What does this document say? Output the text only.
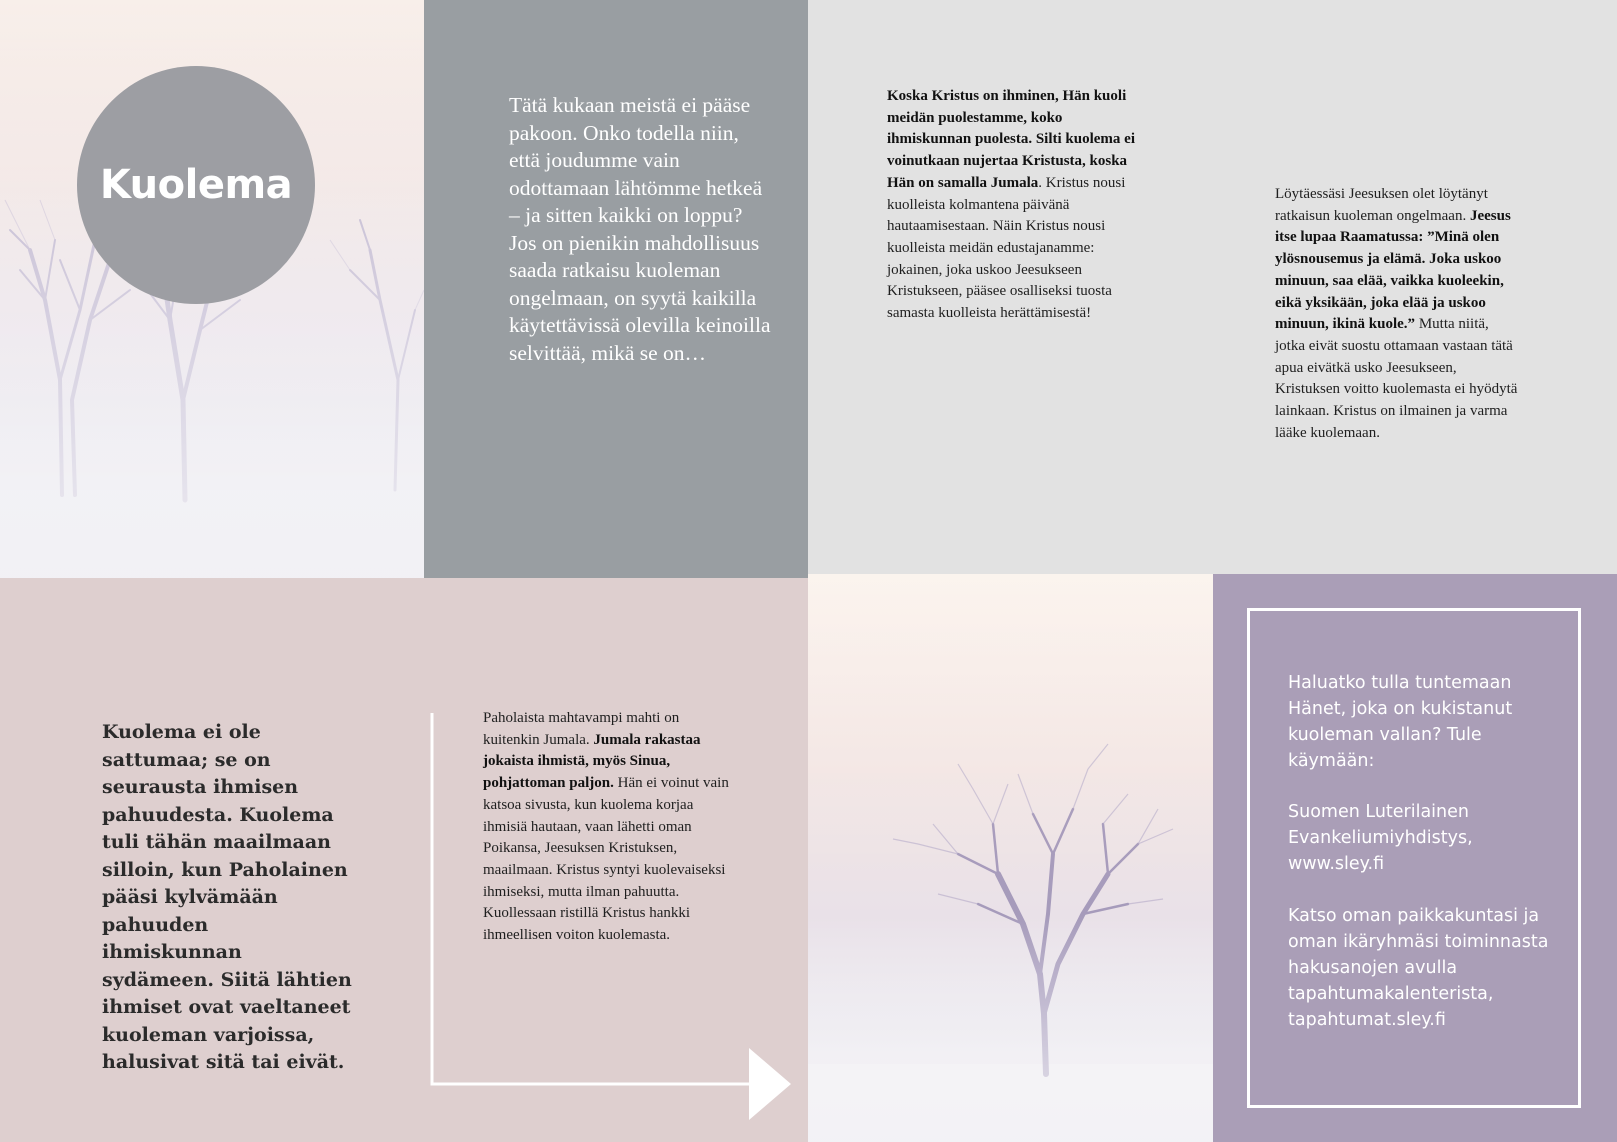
Kuolema

Tätä kukaan meistä ei pääse pakoon. Onko todella niin, että joudumme vain odottamaan lähtömme hetkeä – ja sitten kaikki on loppu? Jos on pienikin mahdollisuus saada ratkaisu kuoleman ongelmaan, on syytä kaikilla käytettävissä olevilla keinoilla selvittää, mikä se on…

Koska Kristus on ihminen, Hän kuoli meidän puolestamme, koko ihmiskunnan puolesta. Silti kuolema ei voinutkaan nujertaa Kristusta, koska Hän on samalla Jumala. Kristus nousi kuolleista kolmantena päivänä hautaamisestaan. Näin Kristus nousi kuolleista meidän edustajanamme: jokainen, joka uskoo Jeesukseen Kristukseen, pääsee osalliseksi tuosta samasta kuolleista herättämisestä!

Löytäessäsi Jeesuksen olet löytänyt ratkaisun kuoleman ongelmaan. Jeesus itse lupaa Raamatussa: ”Minä olen ylösnousemus ja elämä. Joka uskoo minuun, saa elää, vaikka kuoleekin, eikä yksikään, joka elää ja uskoo minuun, ikinä kuole.” Mutta niitä, jotka eivät suostu ottamaan vastaan tätä apua eivätkä usko Jeesukseen, Kristuksen voitto kuolemasta ei hyödytä lainkaan. Kristus on ilmainen ja varma lääke kuolemaan.

Kuolema ei ole sattumaa; se on seurausta ihmisen pahuudesta. Kuolema tuli tähän maailmaan silloin, kun Paholainen pääsi kylvämään pahuuden ihmiskunnan sydämeen. Siitä lähtien ihmiset ovat vaeltaneet kuoleman varjoissa, halusivat sitä tai eivät.

Paholaista mahtavampi mahti on kuitenkin Jumala. Jumala rakastaa jokaista ihmistä, myös Sinua, pohjattoman paljon. Hän ei voinut vain katsoa sivusta, kun kuolema korjaa ihmisiä hautaan, vaan lähetti oman Poikansa, Jeesuksen Kristuksen, maailmaan. Kristus syntyi kuolevaiseksi ihmiseksi, mutta ilman pahuutta. Kuollessaan ristillä Kristus hankki ihmeellisen voiton kuolemasta.

Haluatko tulla tuntemaan Hänet, joka on kukistanut kuoleman vallan? Tule käymään:

Suomen Luterilainen Evankeliumiyhdistys, www.sley.fi

Katso oman paikkakuntasi ja oman ikäryhmäsi toiminnasta hakusanojen avulla tapahtumakalenterista, tapahtumat.sley.fi
